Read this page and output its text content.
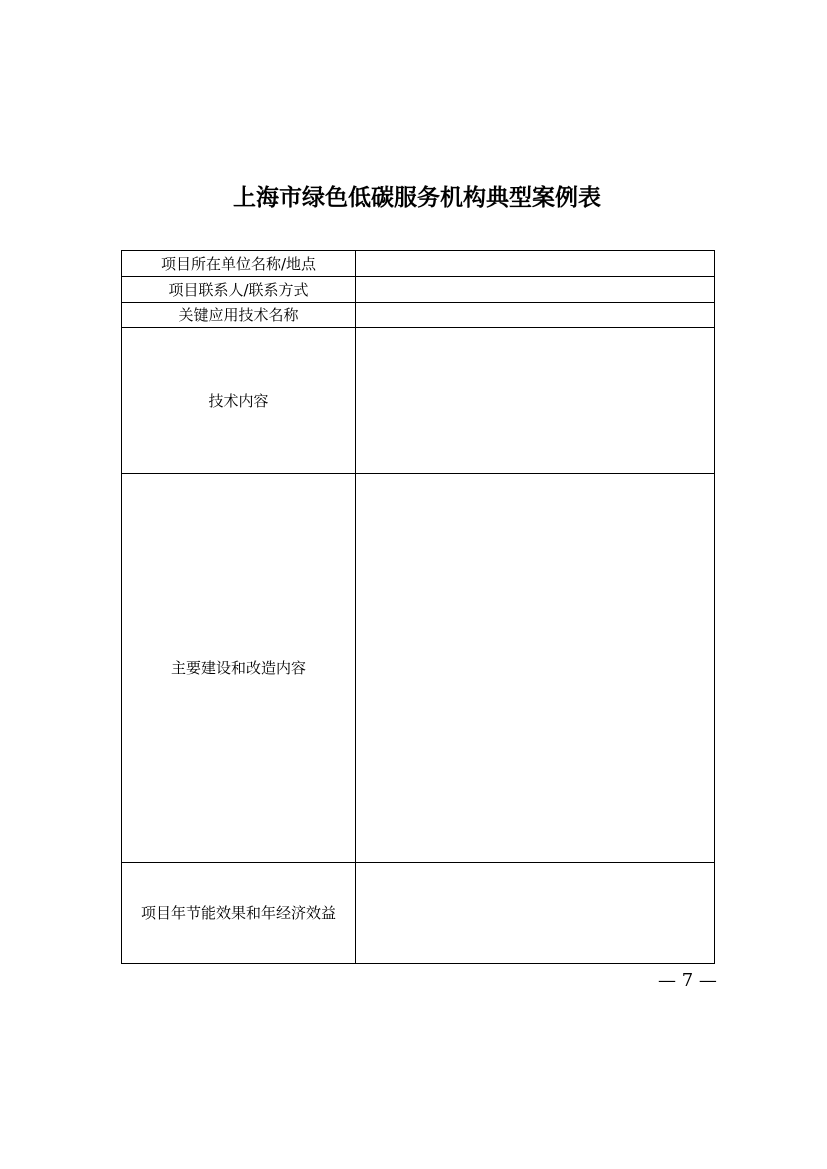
上海市绿色低碳服务机构典型案例表
项目所在单位名称/地点	
项目联系人/联系方式	
关键应用技术名称	
技术内容	
主要建设和改造内容	
项目年节能效果和年经济效益	
— 7 —
